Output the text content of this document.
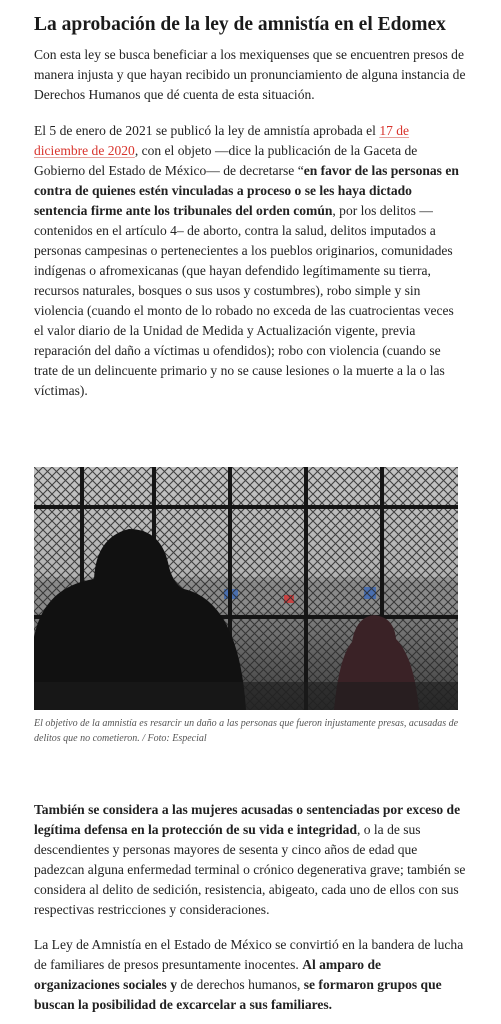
La aprobación de la ley de amnistía en el Edomex

Con esta ley se busca beneficiar a los mexiquenses que se encuentren presos de manera injusta y que hayan recibido un pronunciamiento de alguna instancia de Derechos Humanos que dé cuenta de esta situación.

El 5 de enero de 2021 se publicó la ley de amnistía aprobada el 17 de diciembre de 2020, con el objeto —dice la publicación de la Gaceta de Gobierno del Estado de México— de decretarse “en favor de las personas en contra de quienes estén vinculadas a proceso o se les haya dictado sentencia firme ante los tribunales del orden común, por los delitos —contenidos en el artículo 4– de aborto, contra la salud, delitos imputados a personas campesinas o pertenecientes a los pueblos originarios, comunidades indígenas o afromexicanas (que hayan defendido legítimamente su tierra, recursos naturales, bosques o sus usos y costumbres), robo simple y sin violencia (cuando el monto de lo robado no exceda de las cuatrocientas veces el valor diario de la Unidad de Medida y Actualización vigente, previa reparación del daño a víctimas u ofendidos); robo con violencia (cuando se trate de un delincuente primario y no se cause lesiones o la muerte a la o las víctimas).

El objetivo de la amnistía es resarcir un daño a las personas que fueron injustamente presas, acusadas de delitos que no cometieron. / Foto: Especial

También se considera a las mujeres acusadas o sentenciadas por exceso de legítima defensa en la protección de su vida e integridad, o la de sus descendientes y personas mayores de sesenta y cinco años de edad que padezcan alguna enfermedad terminal o crónico degenerativa grave; también se considera al delito de sedición, resistencia, abigeato, cada uno de ellos con sus respectivas restricciones y consideraciones.

La Ley de Amnistía en el Estado de México se convirtió en la bandera de lucha de familiares de presos presuntamente inocentes. Al amparo de organizaciones sociales y de derechos humanos, se formaron grupos que buscan la posibilidad de excarcelar a sus familiares.
